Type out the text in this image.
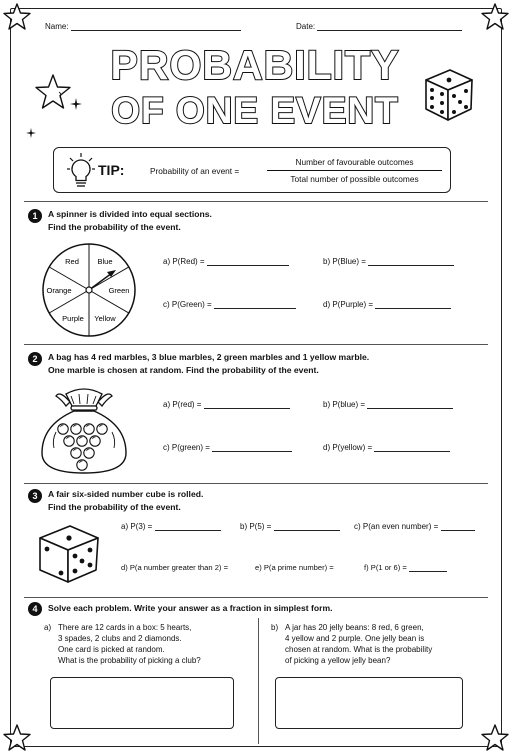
Name:	Date:
PROBABILITY
OF ONE EVENT
TIP:	Probability of an event =
Number of favourable outcomes
Total number of possible outcomes
1	A spinner is divided into equal sections.
Find the probability of the event.
Red Blue
Green
Yellow
Purple
Orange
a) P(Red) =	b) P(Blue) =
c) P(Green) =	d) P(Purple) =
2	A bag has 4 red marbles, 3 blue marbles, 2 green marbles and 1 yellow marble.
One marble is chosen at random. Find the probability of the event.
a) P(red) =	b) P(blue) =
c) P(green) =	d) P(yellow) =
3	A fair six-sided number cube is rolled.
Find the probability of the event.
a) P(3) =	b) P(5) =	c) P(an even number) =
d) P(a number greater than 2) =	e) P(a prime number) =	f) P(1 or 6) =
4	Solve each problem. Write your answer as a fraction in simplest form.
a) There are 12 cards in a box: 5 hearts,
3 spades, 2 clubs and 2 diamonds.
One card is picked at random.
What is the probability of picking a club?
b) A jar has 20 jelly beans: 8 red, 6 green,
4 yellow and 2 purple. One jelly bean is
chosen at random. What is the probability
of picking a yellow jelly bean?
